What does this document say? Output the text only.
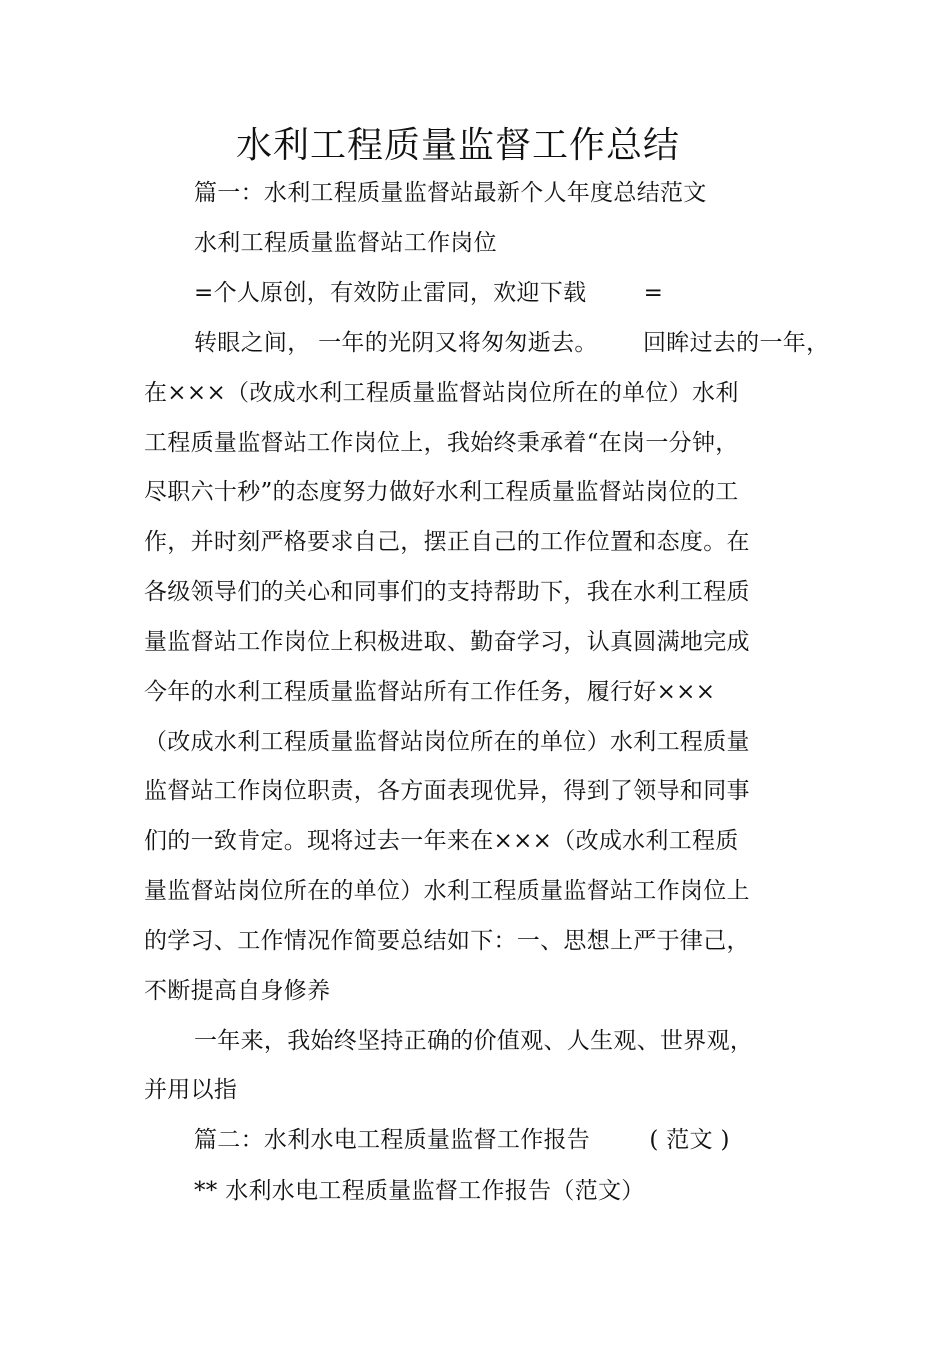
水利工程质量监督工作总结
篇一：水利工程质量监督站最新个人年度总结范文
水利工程质量监督站工作岗位
=个人原创，有效防止雷同，欢迎下载 =
转眼之间， 一年的光阴又将匆匆逝去。 回眸过去的一年，
在×××（改成水利工程质量监督站岗位所在的单位）水利
工程质量监督站工作岗位上，我始终秉承着“在岗一分钟，
尽职六十秒”的态度努力做好水利工程质量监督站岗位的工
作，并时刻严格要求自己，摆正自己的工作位置和态度。在
各级领导们的关心和同事们的支持帮助下，我在水利工程质
量监督站工作岗位上积极进取、勤奋学习，认真圆满地完成
今年的水利工程质量监督站所有工作任务，履行好×××
（改成水利工程质量监督站岗位所在的单位）水利工程质量
监督站工作岗位职责，各方面表现优异，得到了领导和同事
们的一致肯定。现将过去一年来在×××（改成水利工程质
量监督站岗位所在的单位）水利工程质量监督站工作岗位上
的学习、工作情况作简要总结如下：一、思想上严于律己，
不断提高自身修养
一年来，我始终坚持正确的价值观、人生观、世界观，
并用以指
篇二：水利水电工程质量监督工作报告	( 范文 )
** 水利水电工程质量监督工作报告（范文）
